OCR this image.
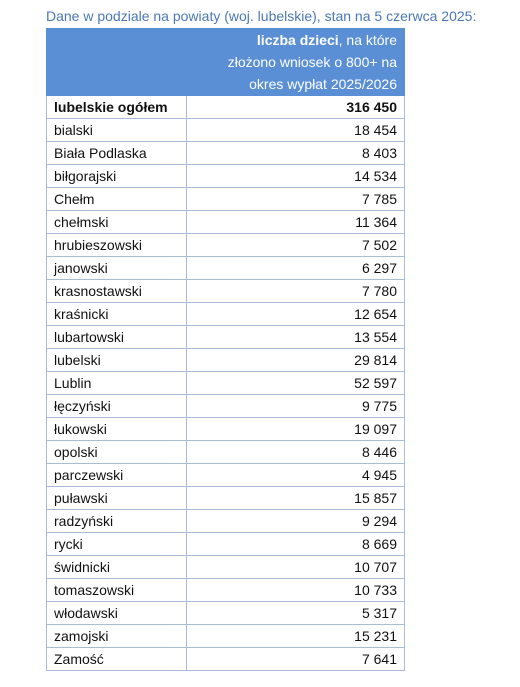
Dane w podziale na powiaty (woj. lubelskie), stan na 5 czerwca 2025:

	liczba dzieci, na które
złożono wniosek o 800+ na
okres wypłat 2025/2026

lubelskie ogółem	316 450
bialski	18 454
Biała Podlaska	8 403
biłgorajski	14 534
Chełm	7 785
chełmski	11 364
hrubieszowski	7 502
janowski	6 297
krasnostawski	7 780
kraśnicki	12 654
lubartowski	13 554
lubelski	29 814
Lublin	52 597
łęczyński	9 775
łukowski	19 097
opolski	8 446
parczewski	4 945
puławski	15 857
radzyński	9 294
rycki	8 669
świdnicki	10 707
tomaszowski	10 733
włodawski	5 317
zamojski	15 231
Zamość	7 641
